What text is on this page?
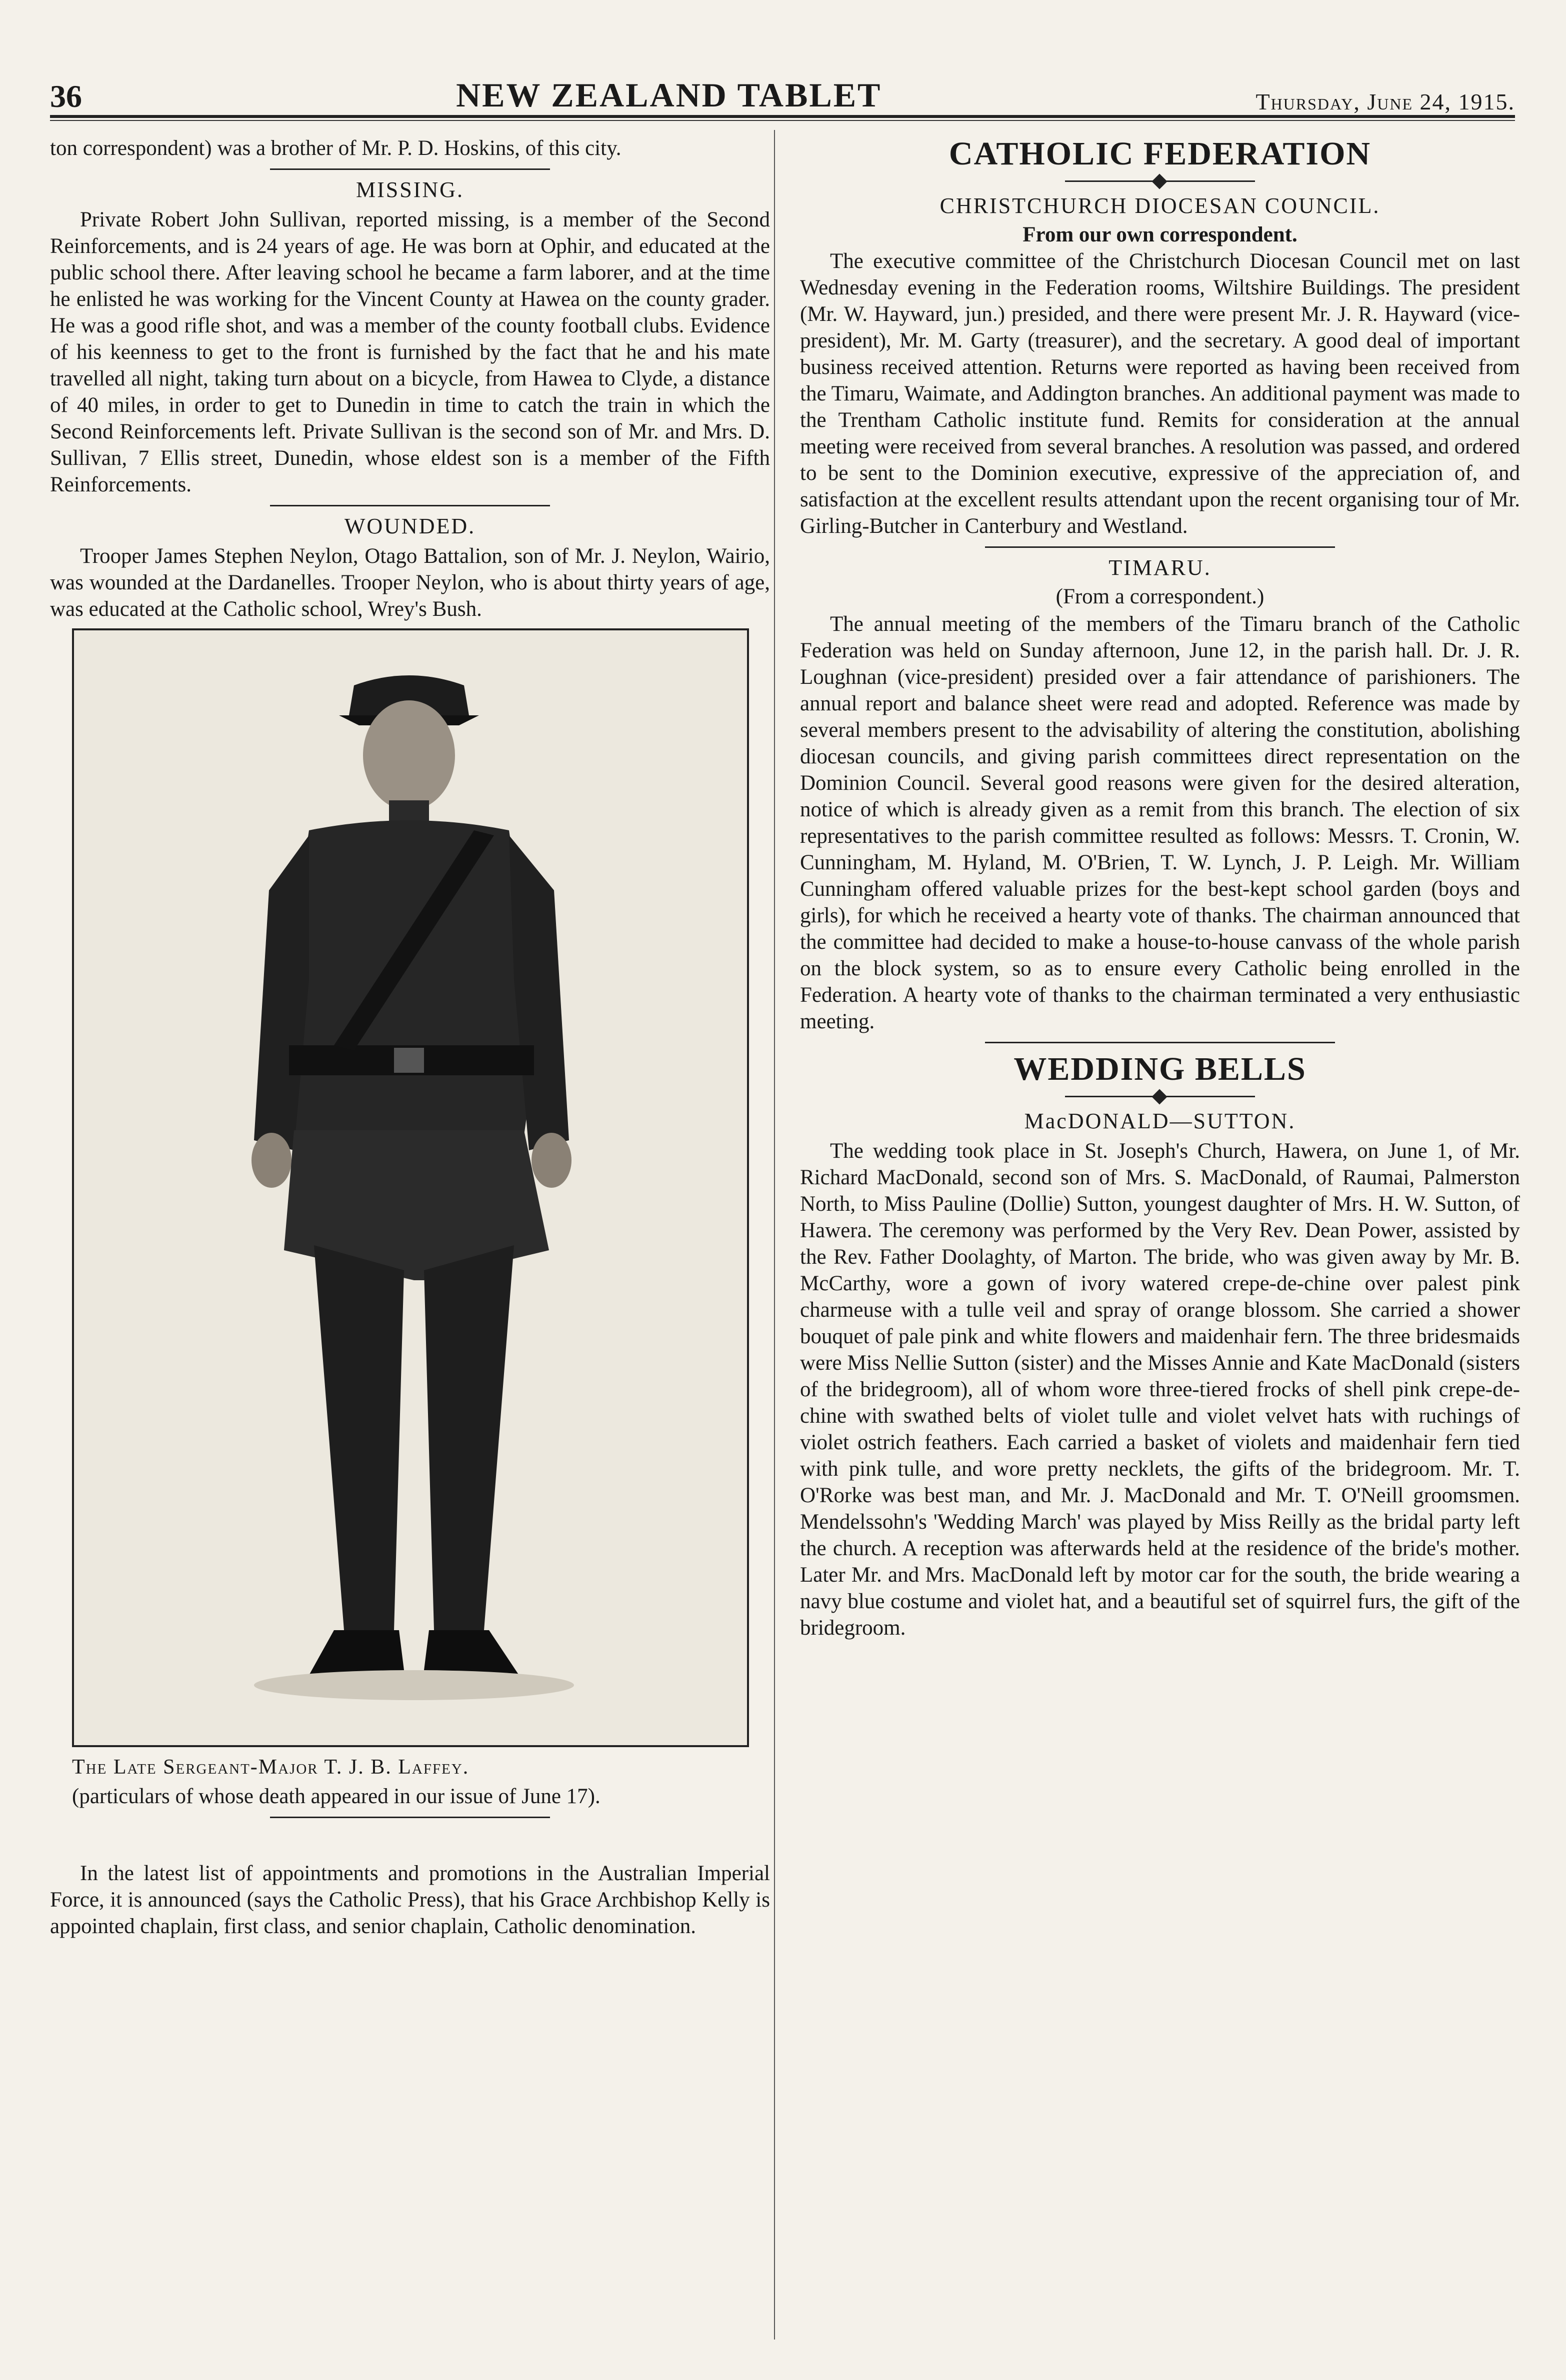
36	NEW ZEALAND TABLET	Thursday, June 24, 1915.

ton correspondent) was a brother of Mr. P. D. Hoskins, of this city.

MISSING.

Private Robert John Sullivan, reported missing, is a member of the Second Reinforcements, and is 24 years of age. He was born at Ophir, and educated at the public school there. After leaving school he became a farm laborer, and at the time he enlisted he was working for the Vincent County at Hawea on the county grader. He was a good rifle shot, and was a member of the county football clubs. Evidence of his keenness to get to the front is furnished by the fact that he and his mate travelled all night, taking turn about on a bicycle, from Hawea to Clyde, a distance of 40 miles, in order to get to Dunedin in time to catch the train in which the Second Reinforcements left. Private Sullivan is the second son of Mr. and Mrs. D. Sullivan, 7 Ellis street, Dunedin, whose eldest son is a member of the Fifth Reinforcements.

WOUNDED.

Trooper James Stephen Neylon, Otago Battalion, son of Mr. J. Neylon, Wairio, was wounded at the Dardanelles. Trooper Neylon, who is about thirty years of age, was educated at the Catholic school, Wrey's Bush.

The Late Sergeant-Major T. J. B. Laffey.

(particulars of whose death appeared in our issue of June 17).

In the latest list of appointments and promotions in the Australian Imperial Force, it is announced (says the Catholic Press), that his Grace Archbishop Kelly is appointed chaplain, first class, and senior chaplain, Catholic denomination.

CATHOLIC FEDERATION
CHRISTCHURCH DIOCESAN COUNCIL.
From our own correspondent.

The executive committee of the Christchurch Diocesan Council met on last Wednesday evening in the Federation rooms, Wiltshire Buildings. The president (Mr. W. Hayward, jun.) presided, and there were present Mr. J. R. Hayward (vice-president), Mr. M. Garty (treasurer), and the secretary. A good deal of important business received attention. Returns were reported as having been received from the Timaru, Waimate, and Addington branches. An additional payment was made to the Trentham Catholic institute fund. Remits for consideration at the annual meeting were received from several branches. A resolution was passed, and ordered to be sent to the Dominion executive, expressive of the appreciation of, and satisfaction at the excellent results attendant upon the recent organising tour of Mr. Girling-Butcher in Canterbury and Westland.

TIMARU.
(From a correspondent.)

The annual meeting of the members of the Timaru branch of the Catholic Federation was held on Sunday afternoon, June 12, in the parish hall. Dr. J. R. Loughnan (vice-president) presided over a fair attendance of parishioners. The annual report and balance sheet were read and adopted. Reference was made by several members present to the advisability of altering the constitution, abolishing diocesan councils, and giving parish committees direct representation on the Dominion Council. Several good reasons were given for the desired alteration, notice of which is already given as a remit from this branch. The election of six representatives to the parish committee resulted as follows: Messrs. T. Cronin, W. Cunningham, M. Hyland, M. O'Brien, T. W. Lynch, J. P. Leigh. Mr. William Cunningham offered valuable prizes for the best-kept school garden (boys and girls), for which he received a hearty vote of thanks. The chairman announced that the committee had decided to make a house-to-house canvass of the whole parish on the block system, so as to ensure every Catholic being enrolled in the Federation. A hearty vote of thanks to the chairman terminated a very enthusiastic meeting.

WEDDING BELLS
MacDONALD—SUTTON.

The wedding took place in St. Joseph's Church, Hawera, on June 1, of Mr. Richard MacDonald, second son of Mrs. S. MacDonald, of Raumai, Palmerston North, to Miss Pauline (Dollie) Sutton, youngest daughter of Mrs. H. W. Sutton, of Hawera. The ceremony was performed by the Very Rev. Dean Power, assisted by the Rev. Father Doolaghty, of Marton. The bride, who was given away by Mr. B. McCarthy, wore a gown of ivory watered crepe-de-chine over palest pink charmeuse with a tulle veil and spray of orange blossom. She carried a shower bouquet of pale pink and white flowers and maidenhair fern. The three bridesmaids were Miss Nellie Sutton (sister) and the Misses Annie and Kate MacDonald (sisters of the bridegroom), all of whom wore three-tiered frocks of shell pink crepe-de-chine with swathed belts of violet tulle and violet velvet hats with ruchings of violet ostrich feathers. Each carried a basket of violets and maidenhair fern tied with pink tulle, and wore pretty necklets, the gifts of the bridegroom. Mr. T. O'Rorke was best man, and Mr. J. MacDonald and Mr. T. O'Neill groomsmen. Mendelssohn's 'Wedding March' was played by Miss Reilly as the bridal party left the church. A reception was afterwards held at the residence of the bride's mother. Later Mr. and Mrs. MacDonald left by motor car for the south, the bride wearing a navy blue costume and violet hat, and a beautiful set of squirrel furs, the gift of the bridegroom.
